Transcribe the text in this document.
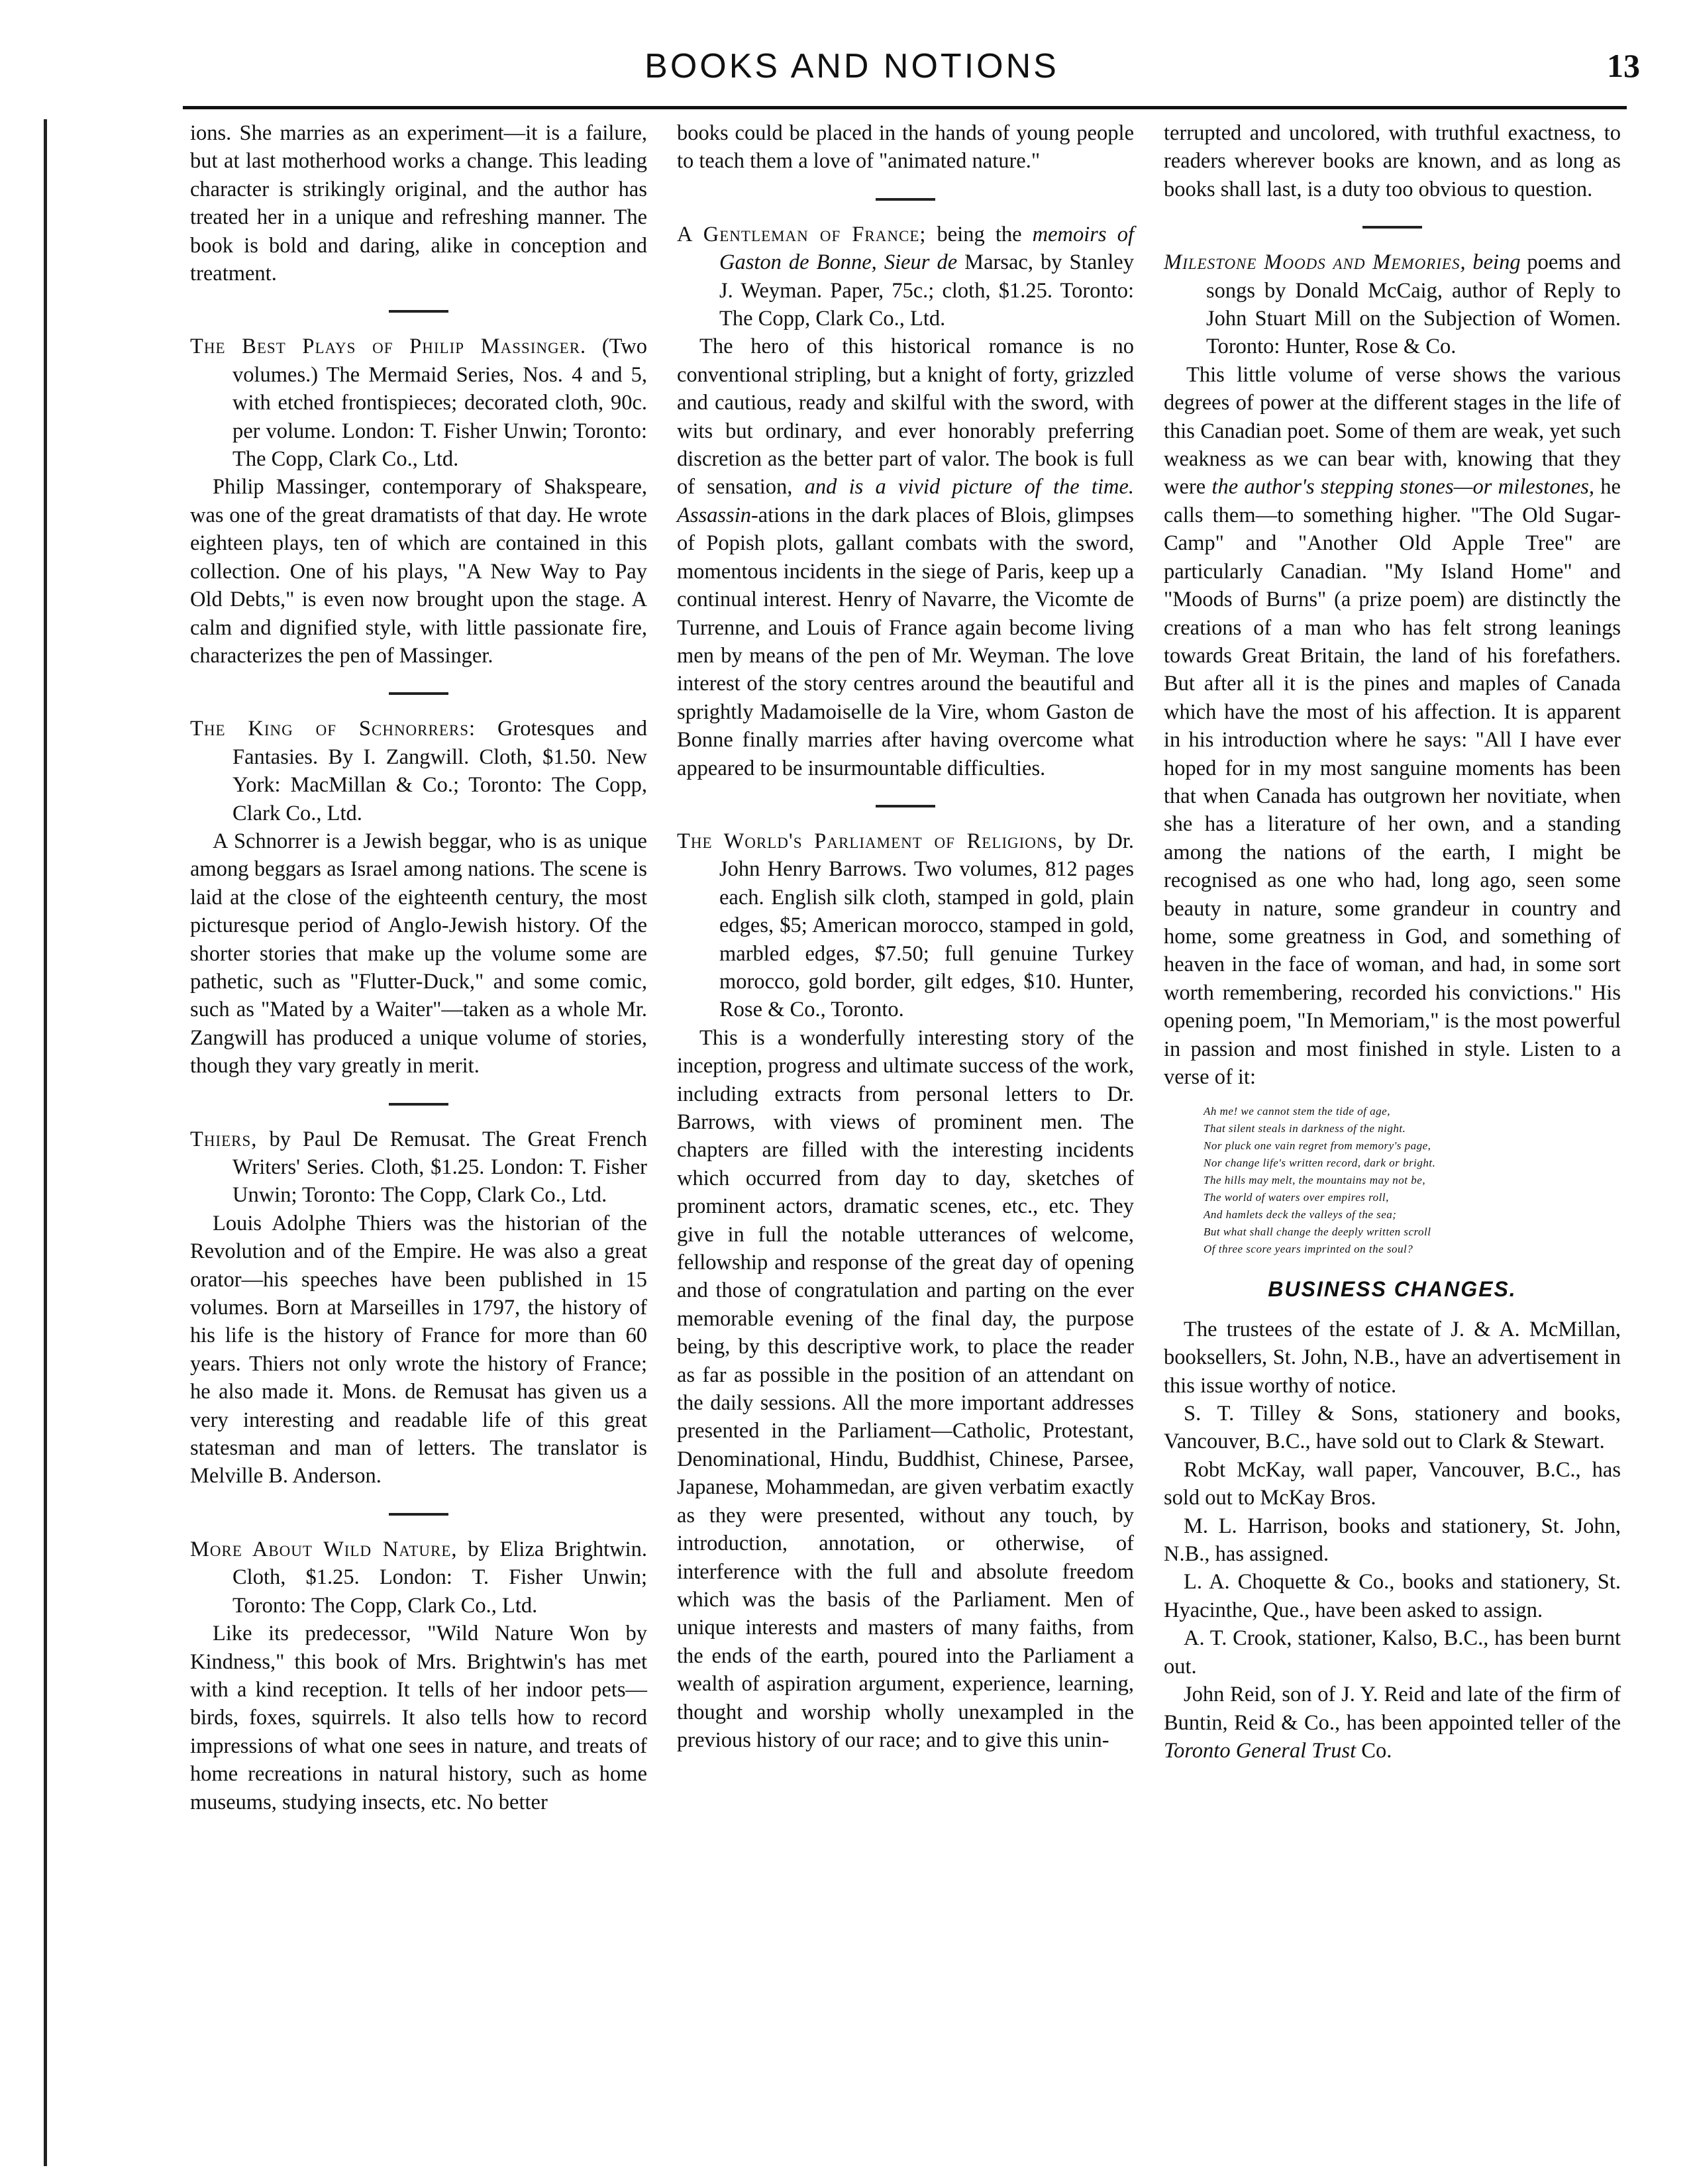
BOOKS AND NOTIONS	13

ions. She marries as an experiment—it is a failure, but at last motherhood works a change. This leading character is strikingly original, and the author has treated her in a unique and refreshing manner. The book is bold and daring, alike in conception and treatment.

The Best Plays of Philip Massinger. (Two volumes.) The Mermaid Series, Nos. 4 and 5, with etched frontispieces; decorated cloth, 90c. per volume. London: T. Fisher Unwin; Toronto: The Copp, Clark Co., Ltd.

Philip Massinger, contemporary of Shakspeare, was one of the great dramatists of that day. He wrote eighteen plays, ten of which are contained in this collection. One of his plays, "A New Way to Pay Old Debts," is even now brought upon the stage. A calm and dignified style, with little passionate fire, characterizes the pen of Massinger.

The King of Schnorrers: Grotesques and Fantasies. By I. Zangwill. Cloth, $1.50. New York: MacMillan & Co.; Toronto: The Copp, Clark Co., Ltd.

A Schnorrer is a Jewish beggar, who is as unique among beggars as Israel among nations. The scene is laid at the close of the eighteenth century, the most picturesque period of Anglo-Jewish history. Of the shorter stories that make up the volume some are pathetic, such as "Flutter-Duck," and some comic, such as "Mated by a Waiter"—taken as a whole Mr. Zangwill has produced a unique volume of stories, though they vary greatly in merit.

Thiers, by Paul De Remusat. The Great French Writers' Series. Cloth, $1.25. London: T. Fisher Unwin; Toronto: The Copp, Clark Co., Ltd.

Louis Adolphe Thiers was the historian of the Revolution and of the Empire. He was also a great orator—his speeches have been published in 15 volumes. Born at Marseilles in 1797, the history of his life is the history of France for more than 60 years. Thiers not only wrote the history of France; he also made it. Mons. de Remusat has given us a very interesting and readable life of this great statesman and man of letters. The translator is Melville B. Anderson.

More About Wild Nature, by Eliza Brightwin. Cloth, $1.25. London: T. Fisher Unwin; Toronto: The Copp, Clark Co., Ltd.

Like its predecessor, "Wild Nature Won by Kindness," this book of Mrs. Brightwin's has met with a kind reception. It tells of her indoor pets—birds, foxes, squirrels. It also tells how to record impressions of what one sees in nature, and treats of home recreations in natural history, such as home museums, studying insects, etc. No better

books could be placed in the hands of young people to teach them a love of "animated nature."

A Gentleman of France; being the memoirs of Gaston de Bonne, Sieur de Marsac, by Stanley J. Weyman. Paper, 75c.; cloth, $1.25. Toronto: The Copp, Clark Co., Ltd.

The hero of this historical romance is no conventional stripling, but a knight of forty, grizzled and cautious, ready and skilful with the sword, with wits but ordinary, and ever honorably preferring discretion as the better part of valor. The book is full of sensation, and is a vivid picture of the time. Assassin-ations in the dark places of Blois, glimpses of Popish plots, gallant combats with the sword, momentous incidents in the siege of Paris, keep up a continual interest. Henry of Navarre, the Vicomte de Turrenne, and Louis of France again become living men by means of the pen of Mr. Weyman. The love interest of the story centres around the beautiful and sprightly Madamoiselle de la Vire, whom Gaston de Bonne finally marries after having overcome what appeared to be insurmountable difficulties.

The World's Parliament of Religions, by Dr. John Henry Barrows. Two volumes, 812 pages each. English silk cloth, stamped in gold, plain edges, $5; American morocco, stamped in gold, marbled edges, $7.50; full genuine Turkey morocco, gold border, gilt edges, $10. Hunter, Rose & Co., Toronto.

This is a wonderfully interesting story of the inception, progress and ultimate success of the work, including extracts from personal letters to Dr. Barrows, with views of prominent men. The chapters are filled with the interesting incidents which occurred from day to day, sketches of prominent actors, dramatic scenes, etc., etc. They give in full the notable utterances of welcome, fellowship and response of the great day of opening and those of congratulation and parting on the ever memorable evening of the final day, the purpose being, by this descriptive work, to place the reader as far as possible in the position of an attendant on the daily sessions. All the more important addresses presented in the Parliament—Catholic, Protestant, Denominational, Hindu, Buddhist, Chinese, Parsee, Japanese, Mohammedan, are given verbatim exactly as they were presented, without any touch, by introduction, annotation, or otherwise, of interference with the full and absolute freedom which was the basis of the Parliament. Men of unique interests and masters of many faiths, from the ends of the earth, poured into the Parliament a wealth of aspiration argument, experience, learning, thought and worship wholly unexampled in the previous history of our race; and to give this unin-

terrupted and uncolored, with truthful exactness, to readers wherever books are known, and as long as books shall last, is a duty too obvious to question.

Milestone Moods and Memories, being poems and songs by Donald McCaig, author of Reply to John Stuart Mill on the Subjection of Women. Toronto: Hunter, Rose & Co.

This little volume of verse shows the various degrees of power at the different stages in the life of this Canadian poet. Some of them are weak, yet such weakness as we can bear with, knowing that they were the author's stepping stones—or milestones, he calls them—to something higher. "The Old Sugar-Camp" and "Another Old Apple Tree" are particularly Canadian. "My Island Home" and "Moods of Burns" (a prize poem) are distinctly the creations of a man who has felt strong leanings towards Great Britain, the land of his forefathers. But after all it is the pines and maples of Canada which have the most of his affection. It is apparent in his introduction where he says: "All I have ever hoped for in my most sanguine moments has been that when Canada has outgrown her novitiate, when she has a literature of her own, and a standing among the nations of the earth, I might be recognised as one who had, long ago, seen some beauty in nature, some grandeur in country and home, some greatness in God, and something of heaven in the face of woman, and had, in some sort worth remembering, recorded his convictions." His opening poem, "In Memoriam," is the most powerful in passion and most finished in style. Listen to a verse of it:

Ah me! we cannot stem the tide of age,
That silent steals in darkness of the night.
Nor pluck one vain regret from memory's page,
Nor change life's written record, dark or bright.
The hills may melt, the mountains may not be,
The world of waters over empires roll,
And hamlets deck the valleys of the sea;
But what shall change the deeply written scroll
Of three score years imprinted on the soul?
BUSINESS CHANGES.

The trustees of the estate of J. & A. McMillan, booksellers, St. John, N.B., have an advertisement in this issue worthy of notice.

S. T. Tilley & Sons, stationery and books, Vancouver, B.C., have sold out to Clark & Stewart.

Robt McKay, wall paper, Vancouver, B.C., has sold out to McKay Bros.

M. L. Harrison, books and stationery, St. John, N.B., has assigned.

L. A. Choquette & Co., books and stationery, St. Hyacinthe, Que., have been asked to assign.

A. T. Crook, stationer, Kalso, B.C., has been burnt out.

John Reid, son of J. Y. Reid and late of the firm of Buntin, Reid & Co., has been appointed teller of the Toronto General Trust Co.
